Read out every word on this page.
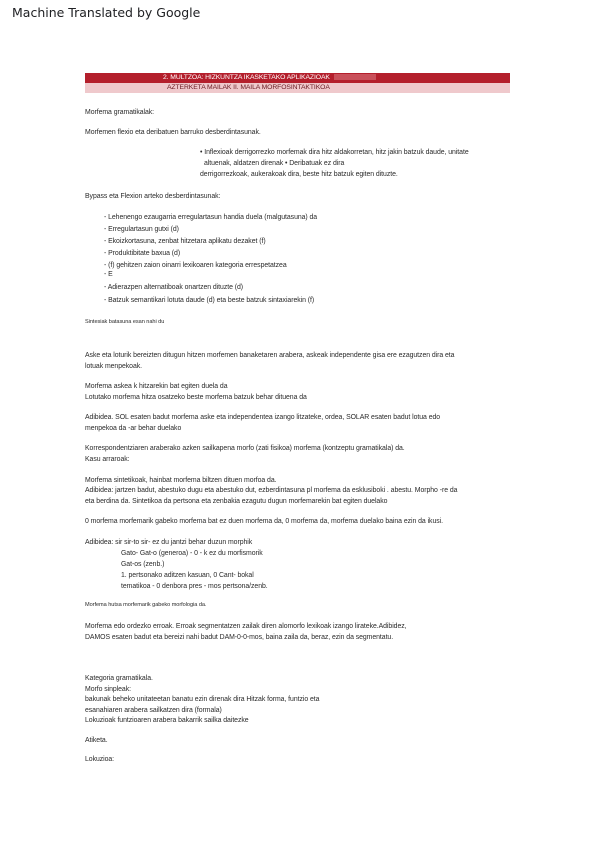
Machine Translated by Google
2. MULTZOA: HIZKUNTZA IKASKETAKO APLIKAZIOAK
AZTERKETA MAILAK II. MAILA MORFOSINTAKTIKOA
Morfema gramatikalak:
Morfemen flexio eta deribatuen barruko desberdintasunak.
• Inflexioak derrigorrezko morfemak dira hitz aldakorretan, hitz jakin batzuk daude, unitate
altuenak, aldatzen direnak • Deribatuak ez dira
derrigorrezkoak, aukerakoak dira, beste hitz batzuk egiten dituzte.
Bypass eta Flexion arteko desberdintasunak:
- Lehenengo ezaugarria erregulartasun handia duela (malgutasuna) da
- Erregulartasun gutxi (d)
- Ekoizkortasuna, zenbat hitzetara aplikatu dezaket (f)
- Produktibitate baxua (d)
- (f) gehitzen zaion oinarri lexikoaren kategoria errespetatzea
- E
- Adierazpen alternatiboak onartzen dituzte (d)
- Batzuk semantikari lotuta daude (d) eta beste batzuk sintaxiarekin (f)
Sintesiak batasuna esan nahi du
Aske eta loturik bereizten ditugun hitzen morfemen banaketaren arabera, askeak independente gisa ere ezagutzen dira eta
lotuak menpekoak.
Morfema askea k hitzarekin bat egiten duela da
Lotutako morfema hitza osatzeko beste morfema batzuk behar dituena da
Adibidea. SOL esaten badut morfema aske eta independentea izango litzateke, ordea, SOLAR esaten badut lotua edo
menpekoa da -ar behar duelako
Korrespondentziaren araberako azken sailkapena morfo (zati fisikoa) morfema (kontzeptu gramatikala) da.
Kasu arraroak:
Morfema sintetikoak, hainbat morfema biltzen dituen morfoa da.
Adibidea: jartzen badut, abestuko dugu eta abestuko dut, ezberdintasuna pl morfema da esklusiboki . abestu. Morpho -re da
eta berdina da. Sintetikoa da pertsona eta zenbakia ezagutu dugun morfemarekin bat egiten duelako
0 morfema morfemarik gabeko morfema bat ez duen morfema da, 0 morfema da, morfema duelako baina ezin da ikusi.
Adibidea: sir sir-to sir- ez du jantzi behar duzun morphik
Gato- Gat-o (generoa) - 0 - k ez du morfismorik
Gat-os (zenb.)
1. pertsonako aditzen kasuan, 0 Cant- bokal
tematikoa - 0 denbora pres - mos pertsona/zenb.
Morfema hutsa morfemarik gabeko morfologia da.
Morfema edo ordezko erroak. Erroak segmentatzen zailak diren alomorfo lexikoak izango lirateke.Adibidez,
DAMOS esaten badut eta bereizi nahi badut DAM-0-0-mos, baina zaila da, beraz, ezin da segmentatu.
Kategoria gramatikala.
Morfo sinpleak:
bakunak beheko unitateetan banatu ezin direnak dira Hitzak forma, funtzio eta
esanahiaren arabera sailkatzen dira (formala)
Lokuzioak funtzioaren arabera bakarrik sailka daitezke
Atiketa.
Lokuzioa:
